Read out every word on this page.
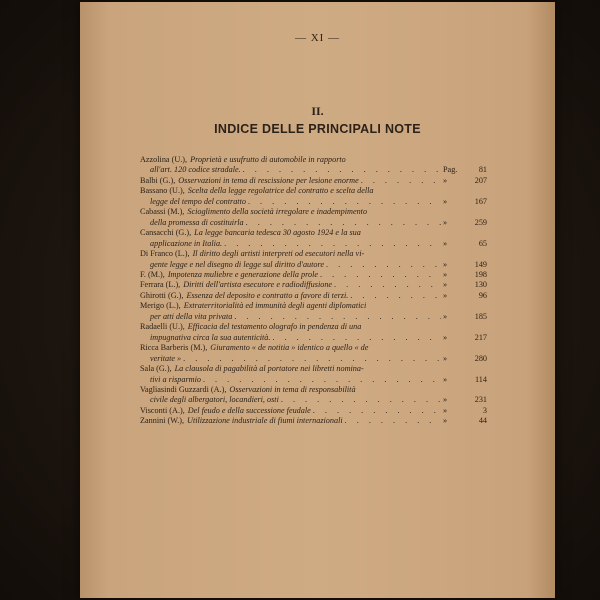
— XI —
II.
INDICE DELLE PRINCIPALI NOTE
Azzolina (U.), Proprietà e usufrutto di automobile in rapporto
all'art. 120 codice stradale. . . .	Pag.	81
Balbi (G.), Osservazioni in tema di rescissione per lesione enorme . . .	»	207
Bassano (U.), Scelta della legge regolatrice del contratto e scelta della
legge del tempo del contratto . . .	»	167
Cabassi (M.), Scioglimento della società irregolare e inadempimento
della promessa di costituirla . . .	»	259
Cansacchi (G.), La legge bancaria tedesca 30 agosto 1924 e la sua
applicazione in Italia. . . .	»	65
Di Franco (L.), Il diritto degli artisti interpreti od esecutori nella vi-
gente legge e nel disegno di legge sul diritto d'autore . . .	»	149
F. (M.), Impotenza muliebre e generazione della prole . . .	»	198
Ferrara (L.), Diritti dell'artista esecutore e radiodiffusione . . .	»	130
Ghirotti (G.), Essenza del deposito e contratto a favore di terzi. . . .	»	96
Merigo (L.), Extraterritorialità ed immunità degli agenti diplomatici
per atti della vita privata . . .	»	185
Radaelli (U.), Efficacia del testamento olografo in pendenza di una
impugnativa circa la sua autenticità. . . .	»	217
Ricca Barberis (M.), Giuramento « de notitia » identico a quello « de
veritate » . . .	»	280
Sala (G.), La clausola di pagabilità al portatore nei libretti nomina-
tivi a risparmio . . .	»	114
Vagliasindi Guzzardi (A.), Osservazioni in tema di responsabilità
civile degli albergatori, locandieri, osti . . .	»	231
Visconti (A.), Del feudo e della successione feudale . . .	»	3
Zannini (W.), Utilizzazione industriale di fiumi internazionali . . .	»	44
